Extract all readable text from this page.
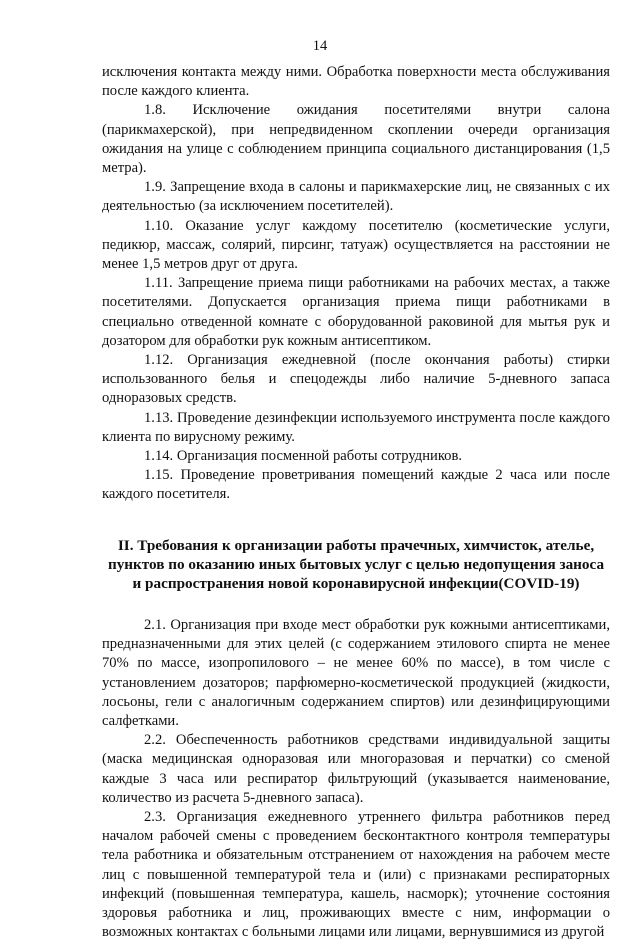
14

исключения контакта между ними. Обработка поверхности места обслуживания после каждого клиента.

1.8. Исключение ожидания посетителями внутри салона (парикмахерской), при непредвиденном скоплении очереди организация ожидания на улице с соблюдением принципа социального дистанцирования (1,5 метра).

1.9. Запрещение входа в салоны и парикмахерские лиц, не связанных с их деятельностью (за исключением посетителей).

1.10. Оказание услуг каждому посетителю (косметические услуги, педикюр, массаж, солярий, пирсинг, татуаж) осуществляется на расстоянии не менее 1,5 метров друг от друга.

1.11. Запрещение приема пищи работниками на рабочих местах, а также посетителями. Допускается организация приема пищи работниками в специально отведенной комнате с оборудованной раковиной для мытья рук и дозатором для обработки рук кожным антисептиком.

1.12. Организация ежедневной (после окончания работы) стирки использованного белья и спецодежды либо наличие 5-дневного запаса одноразовых средств.

1.13. Проведение дезинфекции используемого инструмента после каждого клиента по вирусному режиму.

1.14. Организация посменной работы сотрудников.

1.15. Проведение проветривания помещений каждые 2 часа или после каждого посетителя.

II. Требования к организации работы прачечных, химчисток, ателье, пунктов по оказанию иных бытовых услуг с целью недопущения заноса и распространения новой коронавирусной инфекции(COVID-19)

2.1. Организация при входе мест обработки рук кожными антисептиками, предназначенными для этих целей (с содержанием этилового спирта не менее 70% по массе, изопропилового – не менее 60% по массе), в том числе с установлением дозаторов; парфюмерно-косметической продукцией (жидкости, лосьоны, гели с аналогичным содержанием спиртов) или дезинфицирующими салфетками.

2.2. Обеспеченность работников средствами индивидуальной защиты (маска медицинская одноразовая или многоразовая и перчатки) со сменой каждые 3 часа или респиратор фильтрующий (указывается наименование, количество из расчета 5-дневного запаса).

2.3. Организация ежедневного утреннего фильтра работников перед началом рабочей смены с проведением бесконтактного контроля температуры тела работника и обязательным отстранением от нахождения на рабочем месте лиц с повышенной температурой тела и (или) с признаками респираторных инфекций (повышенная температура, кашель, насморк); уточнение состояния здоровья работника и лиц, проживающих вместе с ним, информации о возможных контактах с больными лицами или лицами, вернувшимися из другой
